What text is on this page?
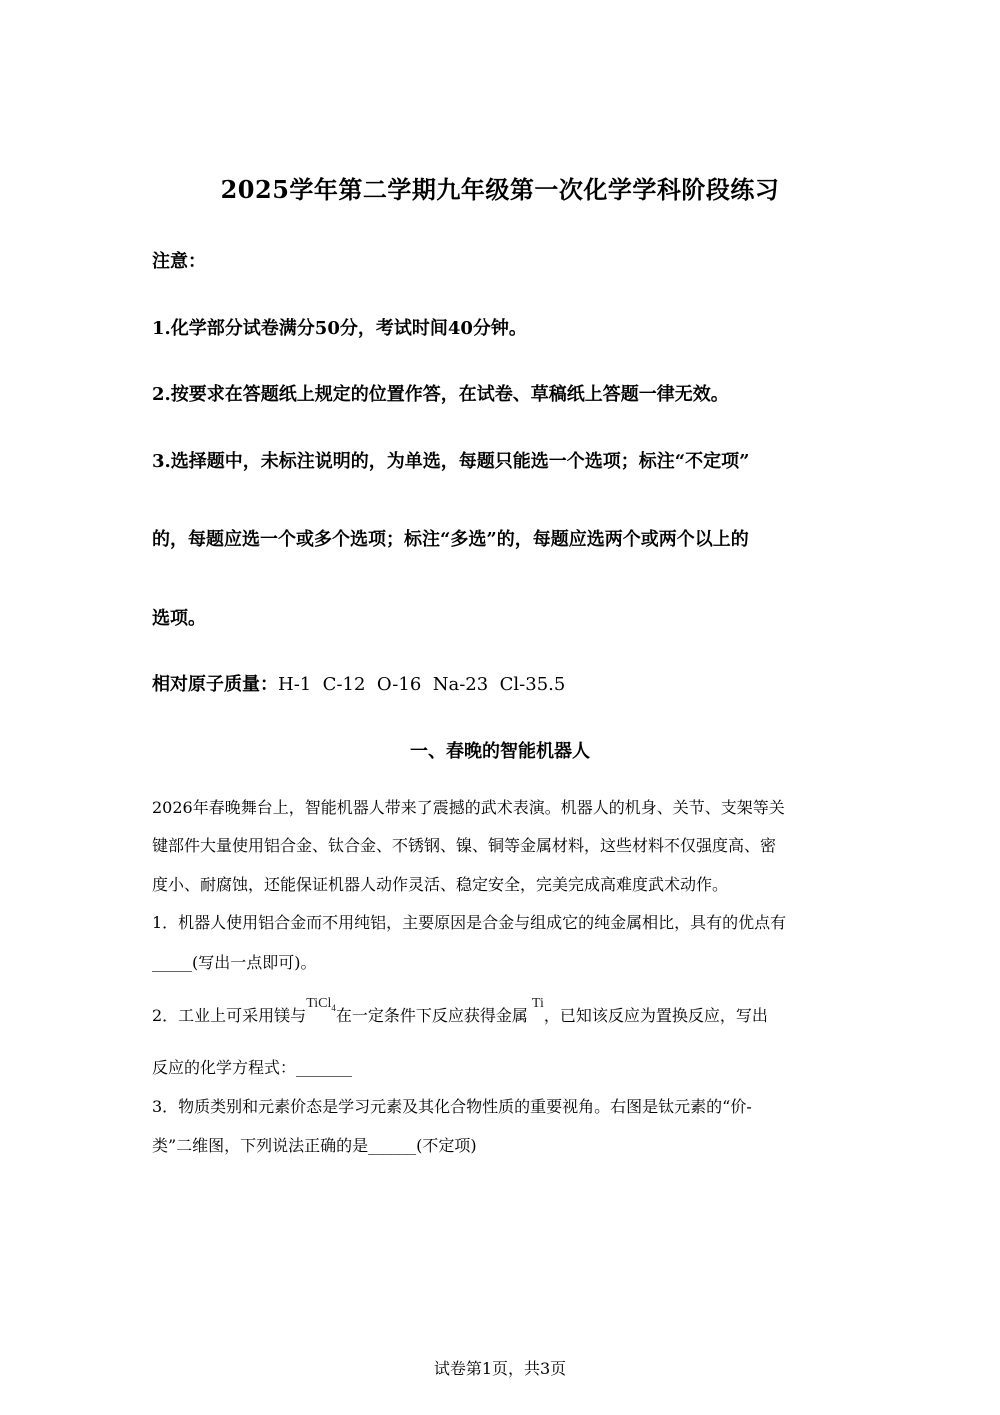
2025学年第二学期九年级第一次化学学科阶段练习
注意：
1.化学部分试卷满分50分，考试时间40分钟。
2.按要求在答题纸上规定的位置作答，在试卷、草稿纸上答题一律无效。
3.选择题中，未标注说明的，为单选，每题只能选一个选项；标注“不定项”
的，每题应选一个或多个选项；标注“多选”的，每题应选两个或两个以上的
选项。
相对原子质量：H-1  C-12  O-16  Na-23  Cl-35.5
一、春晚的智能机器人
2026年春晚舞台上，智能机器人带来了震撼的武术表演。机器人的机身、关节、支架等关
键部件大量使用铝合金、钛合金、不锈钢、镍、铜等金属材料，这些材料不仅强度高、密
度小、耐腐蚀，还能保证机器人动作灵活、稳定安全，完美完成高难度武术动作。
1．机器人使用铝合金而不用纯铝，主要原因是合金与组成它的纯金属相比，具有的优点有
_____(写出一点即可)。
2．工业上可采用镁与TiCl$_4$在一定条件下反应获得金属Ti，已知该反应为置换反应，写出
反应的化学方程式：_______
3．物质类别和元素价态是学习元素及其化合物性质的重要视角。右图是钛元素的“价-
类”二维图，下列说法正确的是______(不定项)
试卷第1页，共3页
